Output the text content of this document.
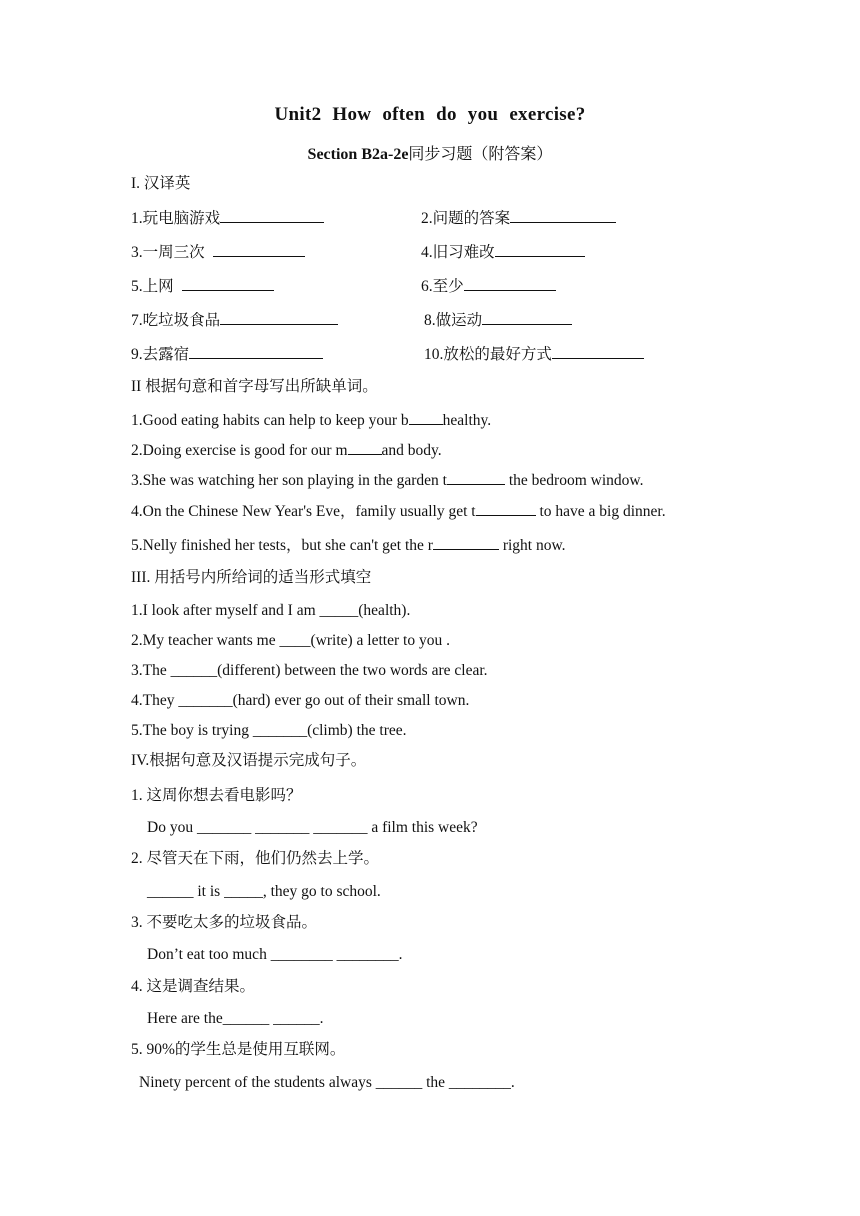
Unit2 How often do you exercise?
Section B2a-2e同步习题（附答案）
I. 汉译英
1.玩电脑游戏	2.问题的答案
3.一周三次	4.旧习难改
5.上网	6.至少
7.吃垃圾食品	8.做运动
9.去露宿	10.放松的最好方式
II 根据句意和首字母写出所缺单词。
1.Good eating habits can help to keep your b healthy.
2.Doing exercise is good for our m and body.
3.She was watching her son playing in the garden t	the bedroom window.
4.On the Chinese New Year's Eve，family usually get t	to have a big dinner.
5.Nelly finished her tests，but she can't get the r	right now.
III. 用括号内所给词的适当形式填空
1.I look after myself and I am _____(health).
2.My teacher wants me ____(write) a letter to you .
3.The ______(different) between the two words are clear.
4.They _______(hard) ever go out of their small town.
5.The boy is trying _______(climb) the tree.
IV.根据句意及汉语提示完成句子。
1. 这周你想去看电影吗？
Do you _______ _______ _______ a film this week?
2. 尽管天在下雨，他们仍然去上学。
______ it is _____, they go to school.
3. 不要吃太多的垃圾食品。
Don’t eat too much ________ ________.
4. 这是调查结果。
Here are the______ ______.
5. 90%的学生总是使用互联网。
Ninety percent of the students always ______ the ________.
